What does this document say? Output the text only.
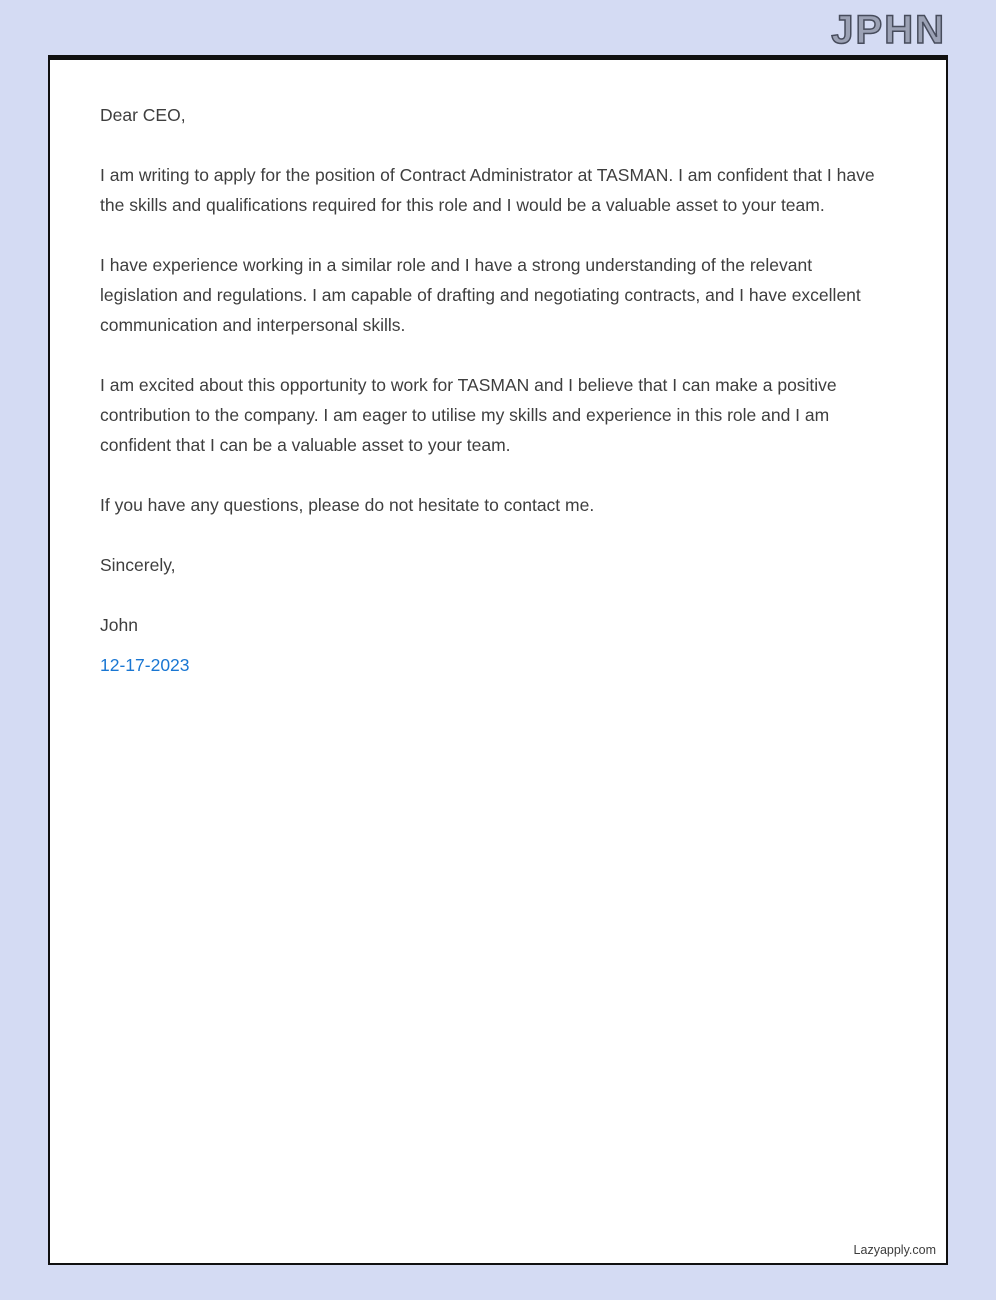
JPHN

Dear CEO,

I am writing to apply for the position of Contract Administrator at TASMAN. I am confident that I have the skills and qualifications required for this role and I would be a valuable asset to your team.

I have experience working in a similar role and I have a strong understanding of the relevant legislation and regulations. I am capable of drafting and negotiating contracts, and I have excellent communication and interpersonal skills.

I am excited about this opportunity to work for TASMAN and I believe that I can make a positive contribution to the company. I am eager to utilise my skills and experience in this role and I am confident that I can be a valuable asset to your team.

If you have any questions, please do not hesitate to contact me.

Sincerely,

John

12-17-2023

Lazyapply.com
